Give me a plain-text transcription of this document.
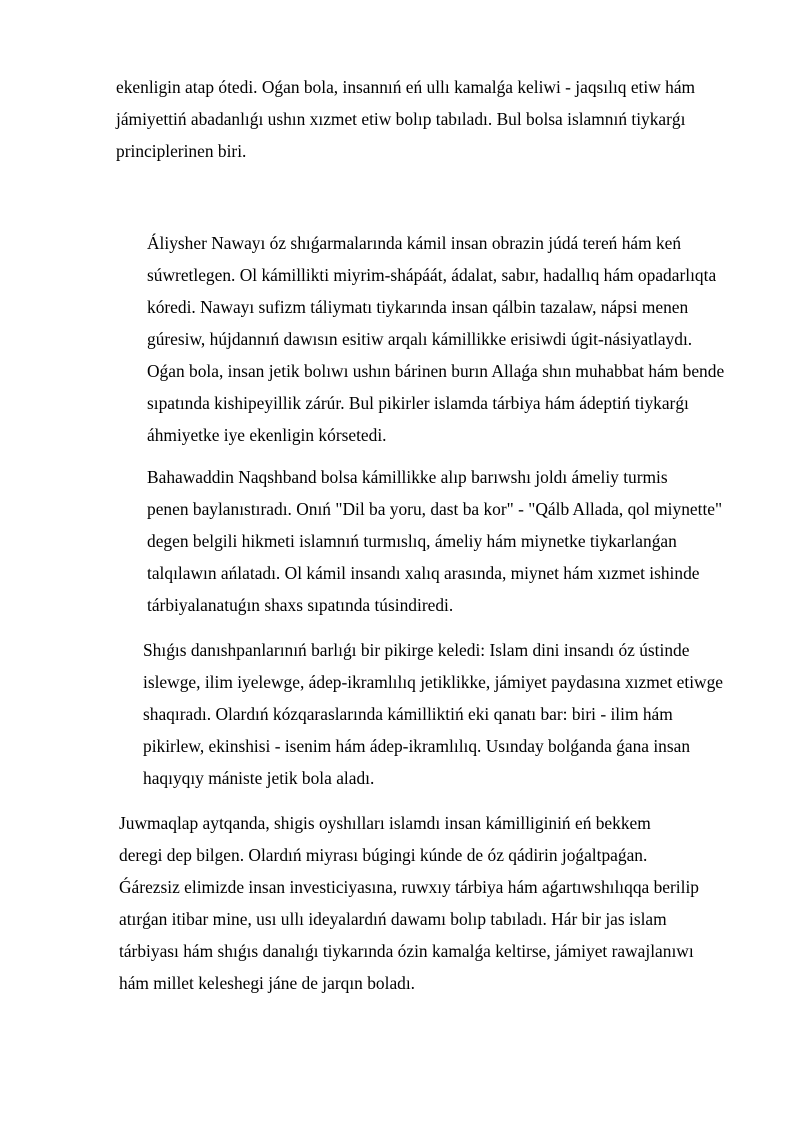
ekenligin atap ótedi. Oǵan bola, insannıń eń ullı kamalǵa keliwi - jaqsılıq etiw hám
jámiyettiń abadanlıǵı ushın xızmet etiw bolıp tabıladı. Bul bolsa islamnıń tiykarǵı
principlerinen biri.

Áliysher Nawayı óz shıǵarmalarında kámil insan obrazin júdá tereń hám keń
súwretlegen. Ol kámillikti miyrim-shápáát, ádalat, sabır, hadallıq hám opadarlıqta
kóredi. Nawayı sufizm táliymatı tiykarında insan qálbin tazalaw, nápsi menen
gúresiw, hújdannıń dawısın esitiw arqalı kámillikke erisiwdi úgit-násiyatlaydı.
Oǵan bola, insan jetik bolıwı ushın bárinen burın Allaǵa shın muhabbat hám bende
sıpatında kishipeyillik zárúr. Bul pikirler islamda tárbiya hám ádeptiń tiykarǵı
áhmiyetke iye ekenligin kórsetedi.

Bahawaddin Naqshband bolsa kámillikke alıp barıwshı joldı ámeliy turmis
penen baylanıstıradı. Onıń "Dil ba yoru, dast ba kor" - "Qálb Allada, qol miynette"
degen belgili hikmeti islamnıń turmıslıq, ámeliy hám miynetke tiykarlanǵan
talqılawın ańlatadı. Ol kámil insandı xalıq arasında, miynet hám xızmet ishinde
tárbiyalanatuǵın shaxs sıpatında túsindiredi.

Shıǵıs danıshpanlarınıń barlıǵı bir pikirge keledi: Islam dini insandı óz ústinde
islewge, ilim iyelewge, ádep-ikramlılıq jetiklikke, jámiyet paydasına xızmet etiwge
shaqıradı. Olardıń kózqaraslarında kámilliktiń eki qanatı bar: biri - ilim hám
pikirlew, ekinshisi - isenim hám ádep-ikramlılıq. Usınday bolǵanda ǵana insan
haqıyqıy mániste jetik bola aladı.

Juwmaqlap aytqanda, shigis oyshılları islamdı insan kámilliginiń eń bekkem
deregi dep bilgen. Olardıń miyrası búgingi kúnde de óz qádirin joǵaltpaǵan.
Ǵárezsiz elimizde insan investiciyasına, ruwxıy tárbiya hám aǵartıwshılıqqa berilip
atırǵan itibar mine, usı ullı ideyalardıń dawamı bolıp tabıladı. Hár bir jas islam
tárbiyası hám shıǵıs danalıǵı tiykarında ózin kamalǵa keltirse, jámiyet rawajlanıwı
hám millet keleshegi jáne de jarqın boladı.
